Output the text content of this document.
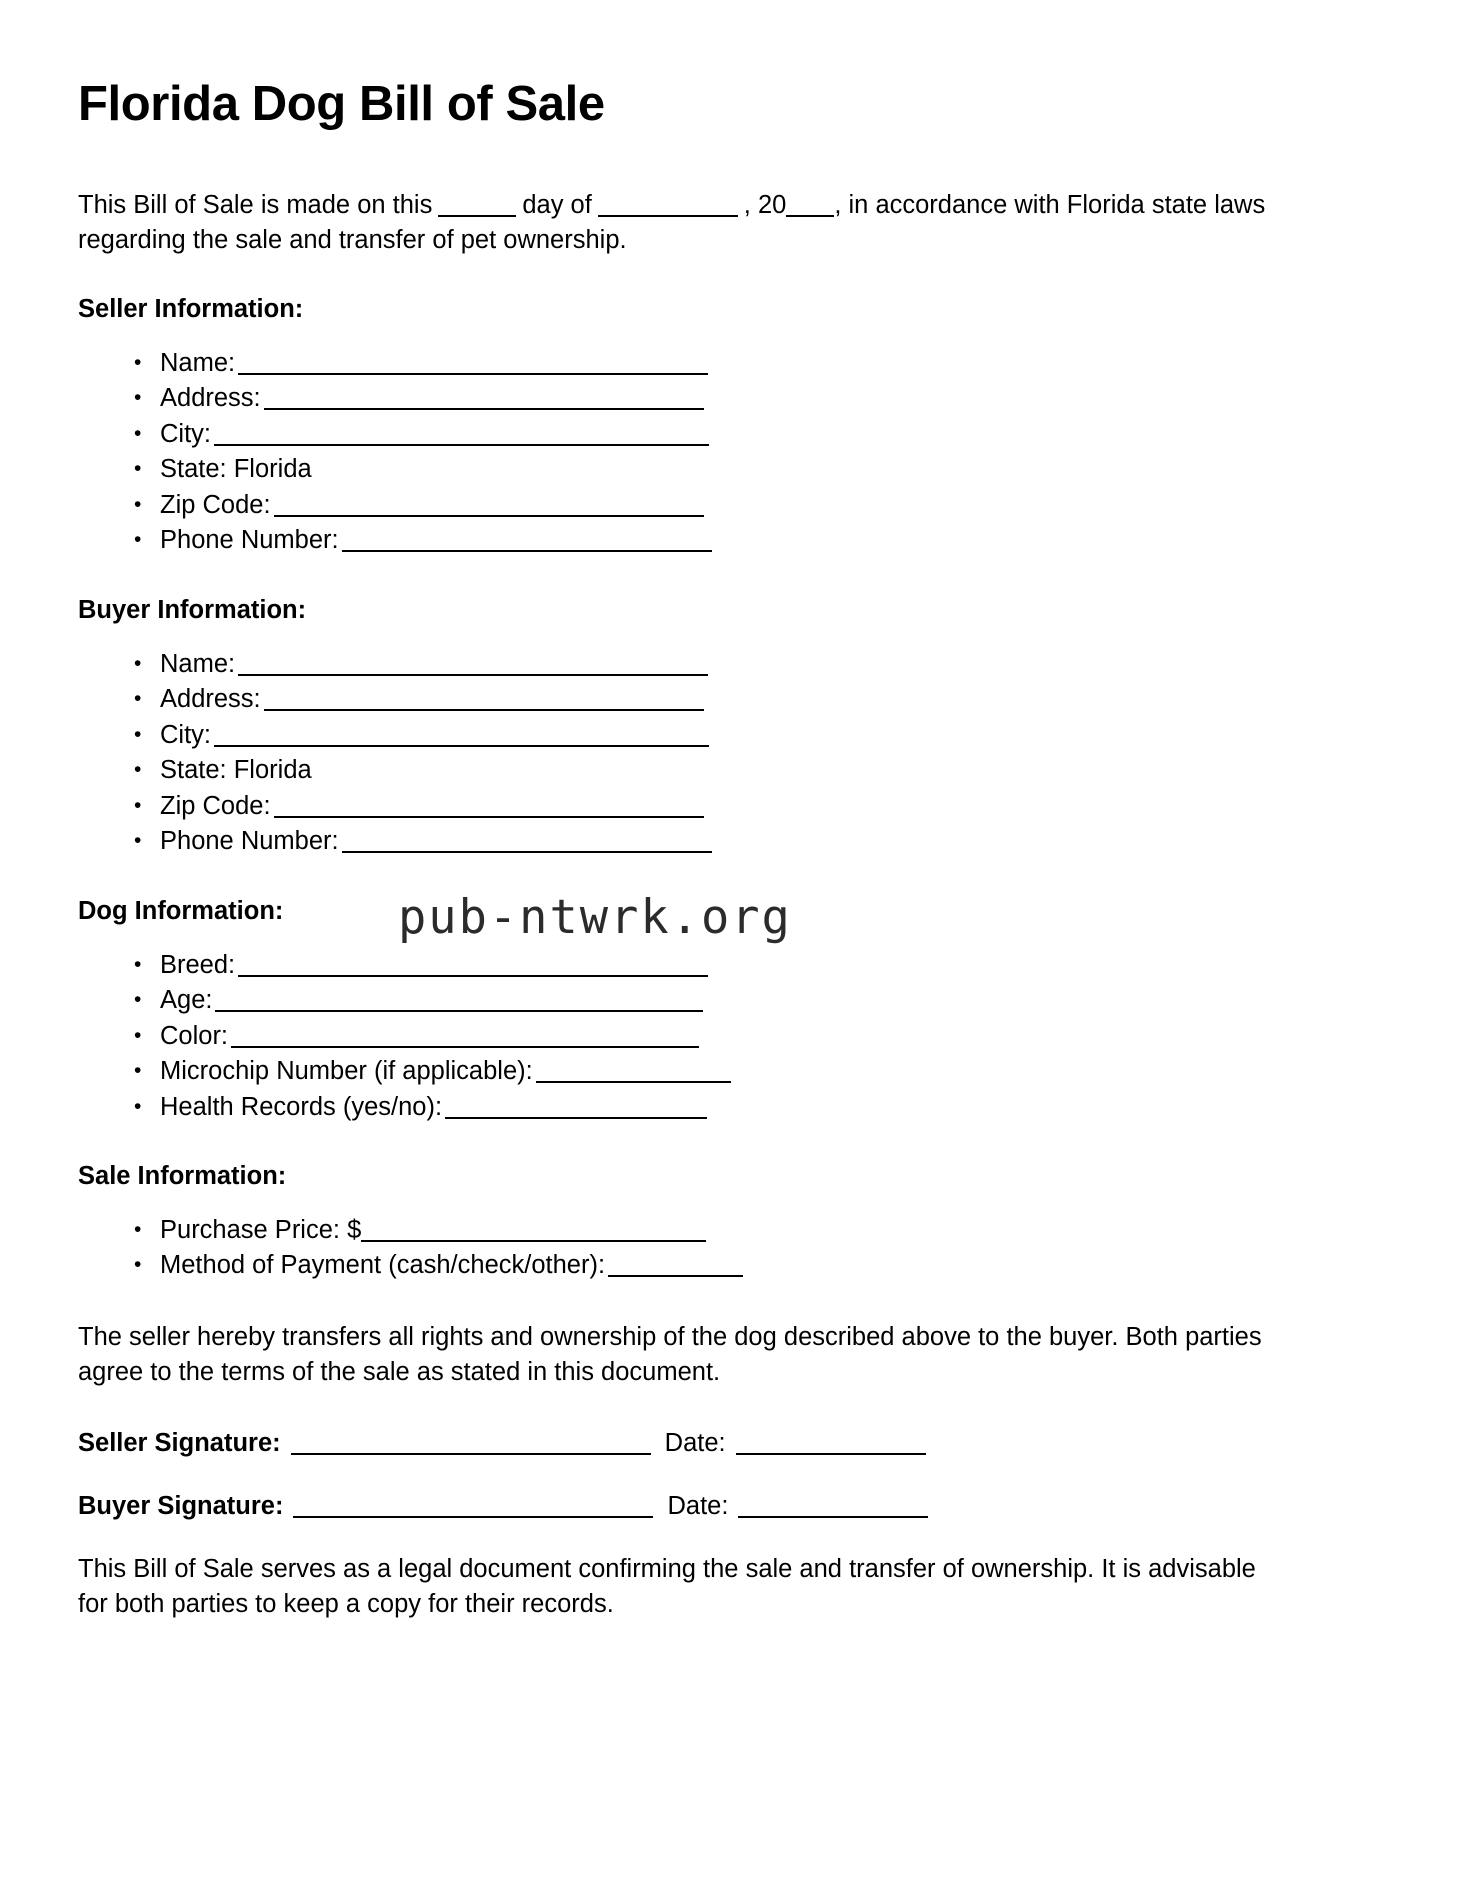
pub-ntwrk.org
Florida Dog Bill of Sale

This Bill of Sale is made on this	day of	, 20 , in accordance with Florida state laws regarding the sale and transfer of pet ownership.

Seller Information:
• Name:
• Address:
• City:
• State: Florida
• Zip Code:
• Phone Number:
Buyer Information:
• Name:
• Address:
• City:
• State: Florida
• Zip Code:
• Phone Number:
Dog Information:
• Breed:
• Age:
• Color:
• Microchip Number (if applicable):
• Health Records (yes/no):
Sale Information:
• Purchase Price: $
• Method of Payment (cash/check/other):

The seller hereby transfers all rights and ownership of the dog described above to the buyer. Both parties agree to the terms of the sale as stated in this document.

Seller Signature:	Date:
Buyer Signature:	Date:

This Bill of Sale serves as a legal document confirming the sale and transfer of ownership. It is advisable for both parties to keep a copy for their records.
